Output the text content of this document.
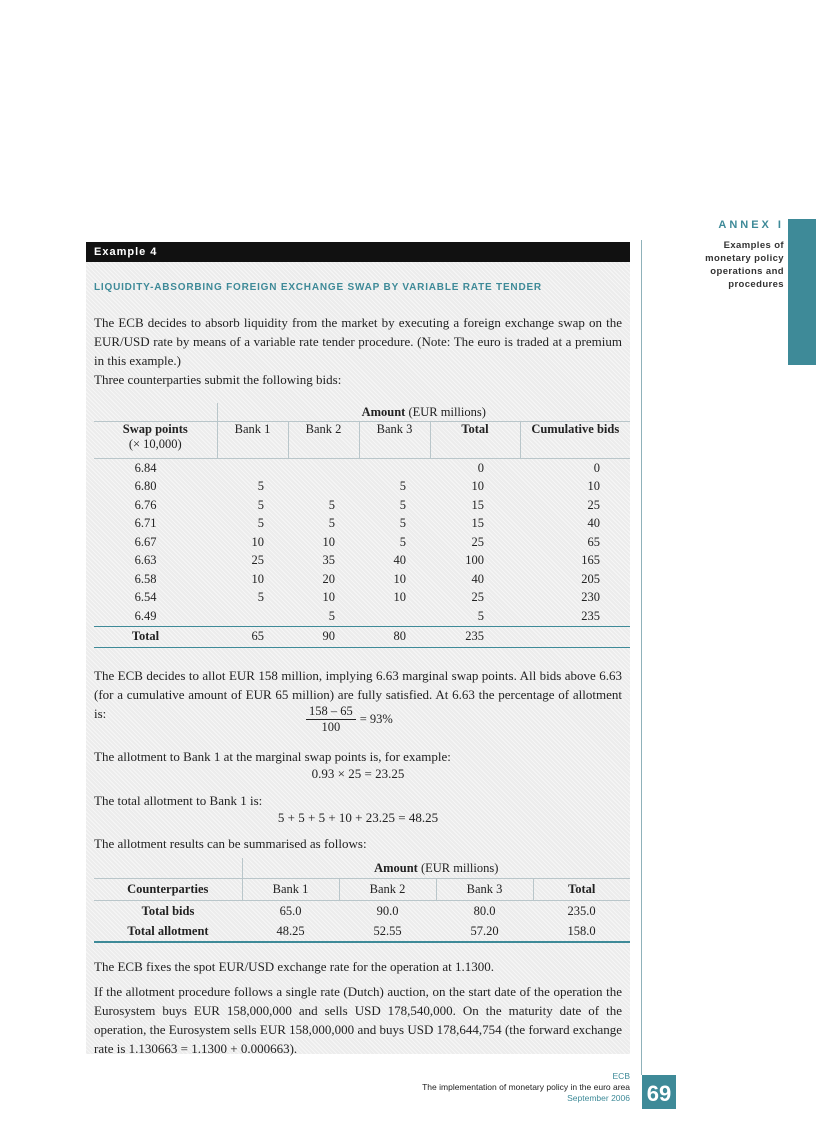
ANNEX I
Examples of
monetary policy
operations and
procedures
Example 4
LIQUIDITY-ABSORBING FOREIGN EXCHANGE SWAP BY VARIABLE RATE TENDER
The ECB decides to absorb liquidity from the market by executing a foreign exchange swap on the EUR/USD rate by means of a variable rate tender procedure. (Note: The euro is traded at a premium in this example.)
Three counterparties submit the following bids:
	Amount (EUR millions)				
Swap points
(× 10,000)	Bank 1	Bank 2	Bank 3	Total	Cumulative bids
6.84				0	0
6.80	5		5	10	10
6.76	5	5	5	15	25
6.71	5	5	5	15	40
6.67	10	10	5	25	65
6.63	25	35	40	100	165
6.58	10	20	10	40	205
6.54	5	10	10	25	230
6.49		5		5	235
Total	65	90	80	235	
The ECB decides to allot EUR 158 million, implying 6.63 marginal swap points. All bids above 6.63 (for a cumulative amount of EUR 65 million) are fully satisfied. At 6.63 the percentage of allotment is:	158 – 65= 93%
100
The allotment to Bank 1 at the marginal swap points is, for example:
0.93 × 25 = 23.25
The total allotment to Bank 1 is:
5 + 5 + 5 + 10 + 23.25 = 48.25
The allotment results can be summarised as follows:
	Amount (EUR millions)			
Counterparties	Bank 1	Bank 2	Bank 3	Total
Total bids	65.0	90.0	80.0	235.0
Total allotment	48.25	52.55	57.20	158.0
The ECB fixes the spot EUR/USD exchange rate for the operation at 1.1300.
If the allotment procedure follows a single rate (Dutch) auction, on the start date of the operation the Eurosystem buys EUR 158,000,000 and sells USD 178,540,000. On the maturity date of the operation, the Eurosystem sells EUR 158,000,000 and buys USD 178,644,754 (the forward exchange rate is 1.130663 = 1.1300 + 0.000663).
ECB
The implementation of monetary policy in the euro area
September 2006 69
